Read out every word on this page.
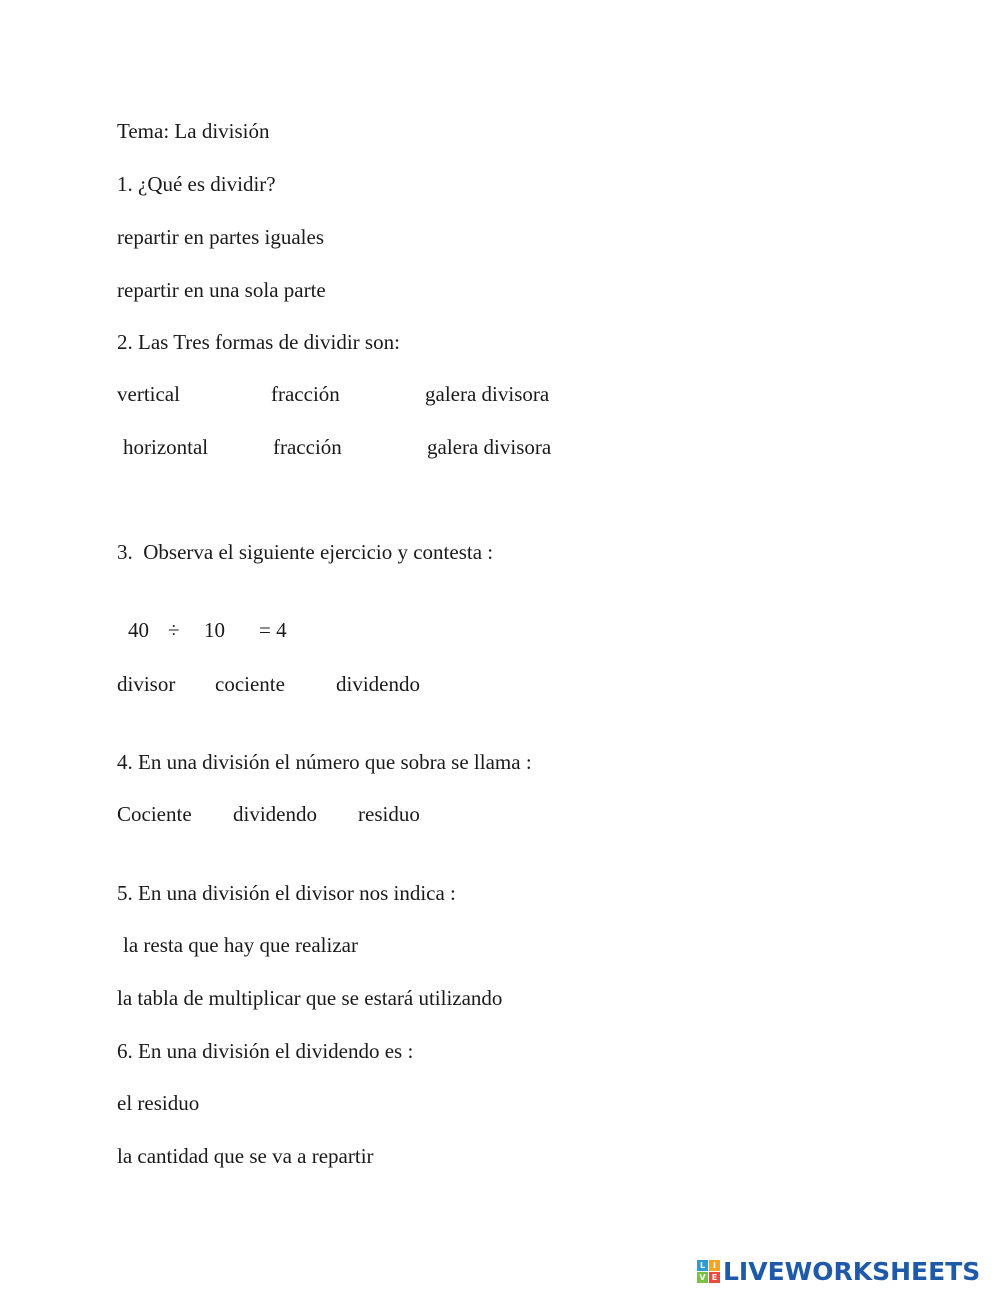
Tema: La división
1. ¿Qué es dividir?
repartir en partes iguales
repartir en una sola parte
2. Las Tres formas de dividir son:
vertical	fracción	galera divisora
horizontal	fracción	galera divisora
3.  Observa el siguiente ejercicio y contesta :
40 ÷ 10 = 4
divisor cociente dividendo
4. En una división el número que sobra se llama :
Cociente dividendo residuo
5. En una división el divisor nos indica :
la resta que hay que realizar
la tabla de multiplicar que se estará utilizando
6. En una división el dividendo es :
el residuo
la cantidad que se va a repartir
L I
V E LIVEWORKSHEETS
